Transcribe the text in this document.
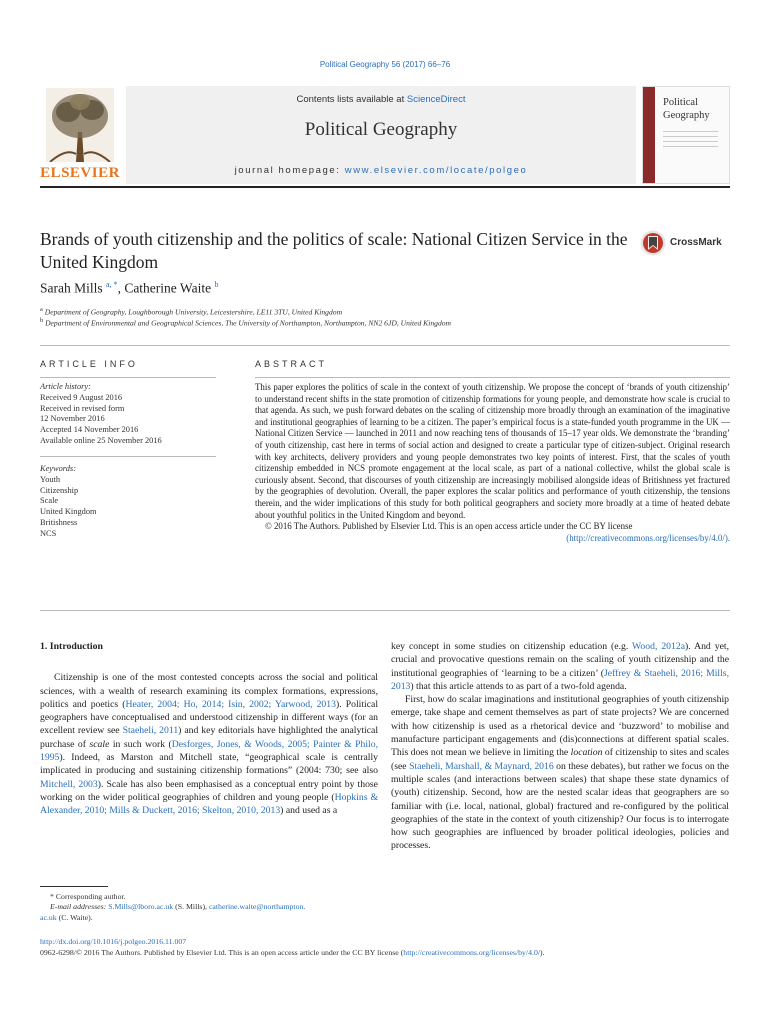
Political Geography 56 (2017) 66–76
ELSEVIER
Contents lists available at ScienceDirect
Political Geography
journal homepage: www.elsevier.com/locate/polgeo
Political
Geography
Brands of youth citizenship and the politics of scale: National Citizen Service in the United Kingdom
CrossMark
Sarah Mills $^{a, *}$, Catherine Waite $^b$
$^a$ Department of Geography, Loughborough University, Leicestershire, LE11 3TU, United Kingdom
$^b$ Department of Environmental and Geographical Sciences, The University of Northampton, Northampton, NN2 6JD, United Kingdom
ARTICLE INFO	ABSTRACT
Article history:
Received 9 August 2016
Received in revised form
12 November 2016
Accepted 14 November 2016
Available online 25 November 2016
Keywords:
Youth
Citizenship
Scale
United Kingdom
Britishness
NCS
This paper explores the politics of scale in the context of youth citizenship. We propose the concept of ‘brands of youth citizenship’ to understand recent shifts in the state promotion of citizenship formations for young people, and demonstrate how scale is crucial to that agenda. As such, we push forward debates on the scaling of citizenship more broadly through an examination of the imaginative and institutional geographies of learning to be a citizen. The paper’s empirical focus is a state-funded youth programme in the UK — National Citizen Service — launched in 2011 and now reaching tens of thousands of 15–17 year olds. We demonstrate the ‘branding’ of youth citizenship, cast here in terms of social action and designed to create a particular type of citizen-subject. Original research with key architects, delivery providers and young people demonstrates two key points of interest. First, that the scales of youth citizenship embedded in NCS promote engagement at the local scale, as part of a national collective, whilst the global scale is curiously absent. Second, that discourses of youth citizenship are increasingly mobilised alongside ideas of Britishness yet fractured by the geographies of devolution. Overall, the paper explores the scalar politics and performance of youth citizenship, the tensions therein, and the wider implications of this study for both political geographers and society more broadly at a time of heated debate about youthful politics in the United Kingdom and beyond.
© 2016 The Authors. Published by Elsevier Ltd. This is an open access article under the CC BY license
(http://creativecommons.org/licenses/by/4.0/).
1. Introduction

Citizenship is one of the most contested concepts across the social and political sciences, with a wealth of research examining its complex formations, expressions, politics and poetics (Heater, 2004; Ho, 2014; Isin, 2002; Yarwood, 2013). Political geographers have conceptualised and understood citizenship in different ways (for an excellent review see Staeheli, 2011) and key editorials have highlighted the analytical purchase of scale in such work (Desforges, Jones, & Woods, 2005; Painter & Philo, 1995). Indeed, as Marston and Mitchell state, “geographical scale is centrally implicated in producing and sustaining citizenship formations” (2004: 730; see also Mitchell, 2003). Scale has also been emphasised as a conceptual entry point by those working on the wider political geographies of children and young people (Hopkins & Alexander, 2010; Mills & Duckett, 2016; Skelton, 2010, 2013) and used as a

key concept in some studies on citizenship education (e.g. Wood, 2012a). And yet, crucial and provocative questions remain on the scaling of youth citizenship and the institutional geographies of ‘learning to be a citizen’ (Jeffrey & Staeheli, 2016; Mills, 2013) that this article attends to as part of a two-fold agenda.

First, how do scalar imaginations and institutional geographies of youth citizenship emerge, take shape and cement themselves as part of state projects? We are concerned with how citizenship is used as a rhetorical device and ‘buzzword’ to mobilise and manufacture participant engagements and (dis)connections at different spatial scales. This does not mean we believe in limiting the location of citizenship to sites and scales (see Staeheli, Marshall, & Maynard, 2016 on these debates), but rather we focus on the multiple scales (and interactions between scales) that shape these state dynamics of (youth) citizenship. Second, how are the nested scalar ideas that geographers are so familiar with (i.e. local, national, global) fractured and re-configured by the political geographies of the state in the context of youth citizenship? Our focus is to interrogate how such geographies are influenced by broader political ideologies, policies and processes.

* Corresponding author.
E-mail addresses: S.Mills@lboro.ac.uk (S. Mills), catherine.waite@northampton.
ac.uk (C. Waite).
http://dx.doi.org/10.1016/j.polgeo.2016.11.007
0962-6298/© 2016 The Authors. Published by Elsevier Ltd. This is an open access article under the CC BY license (http://creativecommons.org/licenses/by/4.0/).
